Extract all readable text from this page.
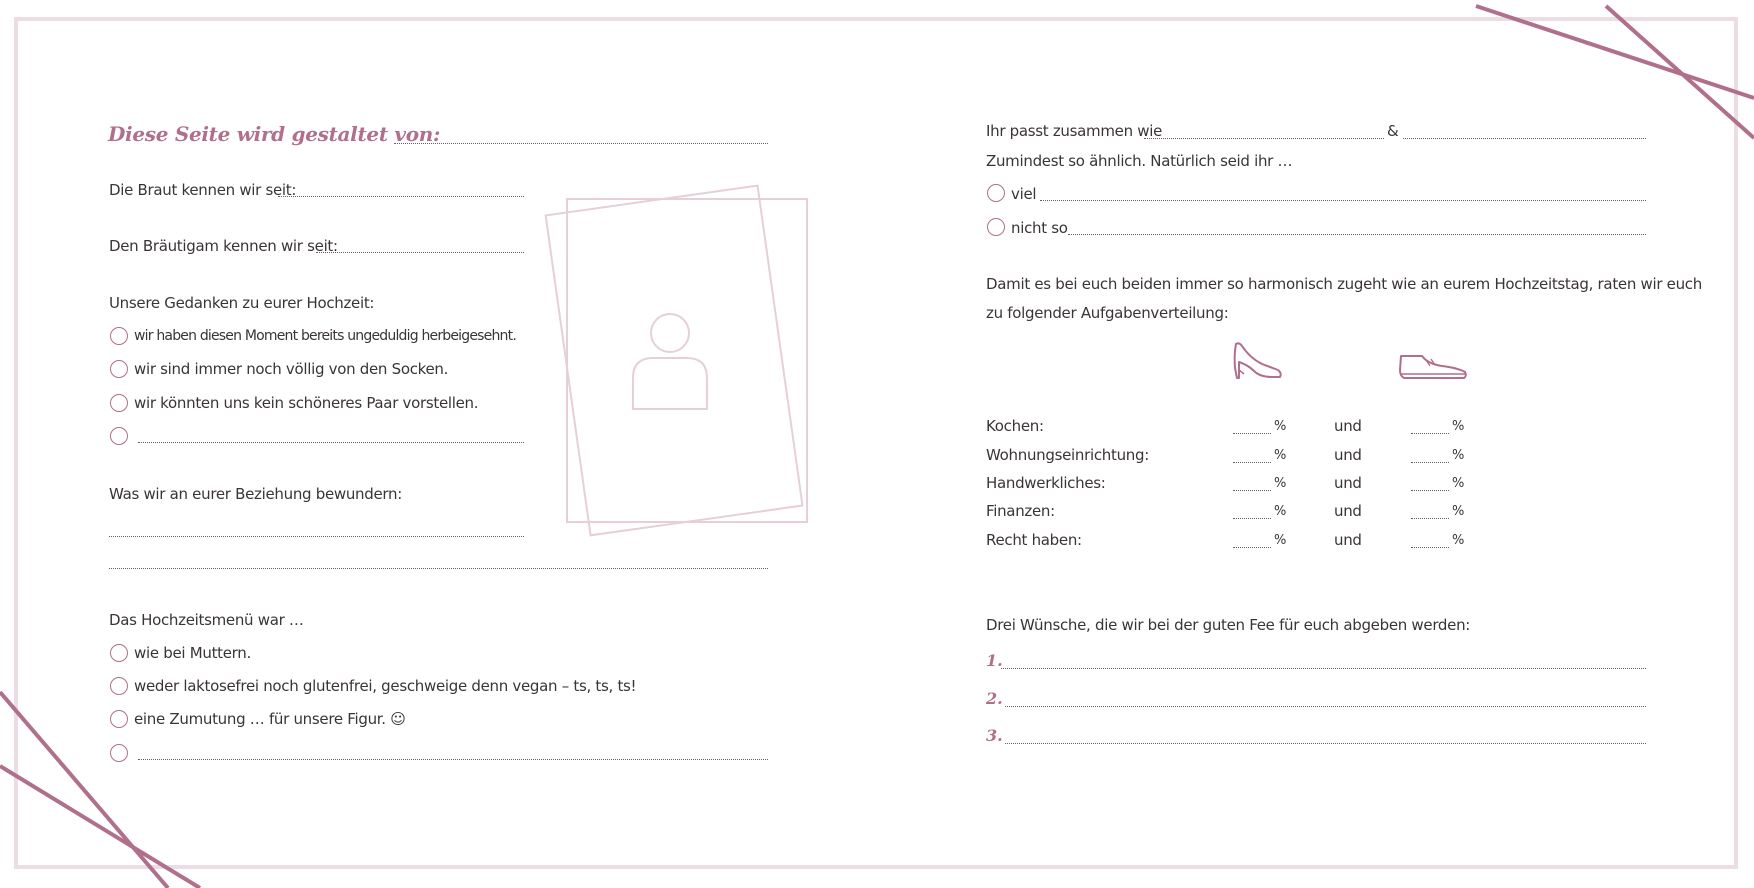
Diese Seite wird gestaltet von:
Die Braut kennen wir seit:
Den Bräutigam kennen wir seit:
Unsere Gedanken zu eurer Hochzeit:
wir haben diesen Moment bereits ungeduldig herbeigesehnt.
wir sind immer noch völlig von den Socken.
wir könnten uns kein schöneres Paar vorstellen.
Was wir an eurer Beziehung bewundern:
Das Hochzeitsmenü war …
wie bei Muttern.
weder laktosefrei noch glutenfrei, geschweige denn vegan – ts, ts, ts!
eine Zumutung … für unsere Figur. ☺
Ihr passt zusammen wie	&
Zumindest so ähnlich. Natürlich seid ihr …
viel
nicht so
Damit es bei euch beiden immer so harmonisch zugeht wie an eurem Hochzeitstag, raten wir euch
zu folgender Aufgabenverteilung:
Kochen:	%	und	%
Wohnungseinrichtung:	%	und	%
Handwerkliches:	%	und	%
Finanzen:	%	und	%
Recht haben:	%	und	%
Drei Wünsche, die wir bei der guten Fee für euch abgeben werden:
1.
2.
3.
